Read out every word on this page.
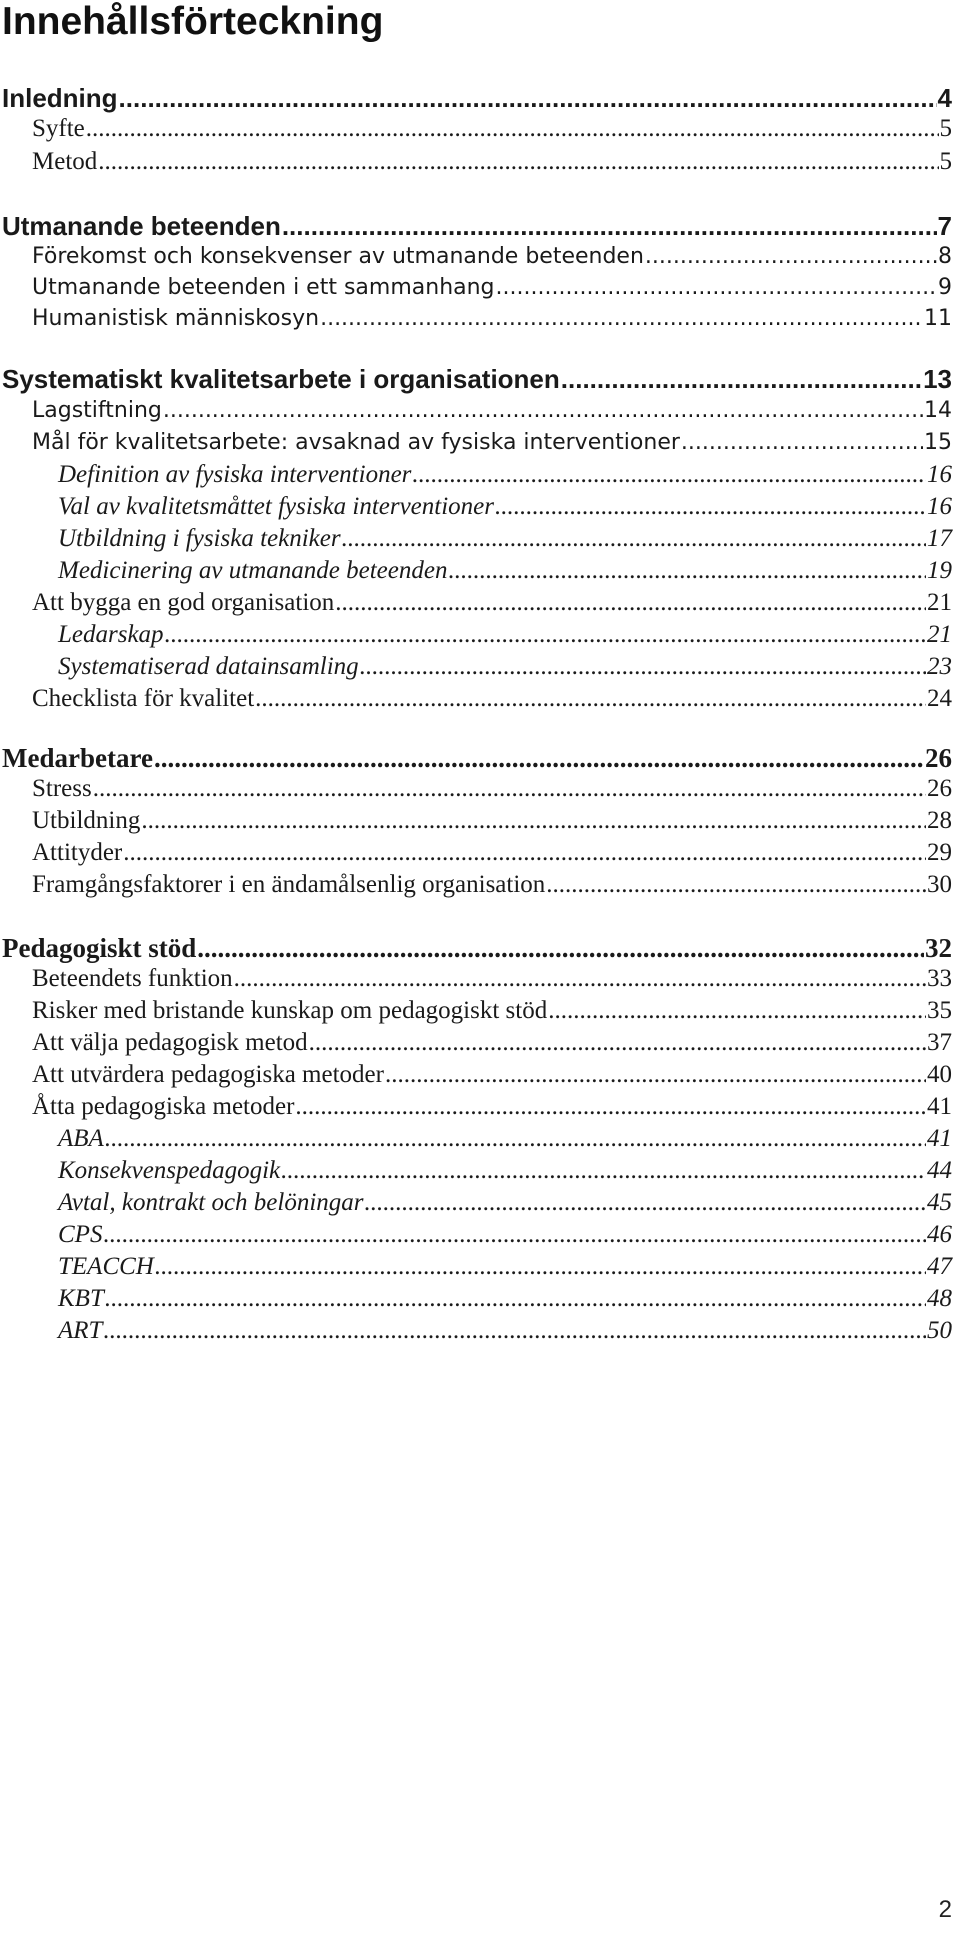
Innehållsförteckning
Inledning .....	4
Syfte .....	5
Metod .....	5
Utmanande beteenden .....	7
Förekomst och konsekvenser av utmanande beteenden .....	8
Utmanande beteenden i ett sammanhang .....	9
Humanistisk människosyn .....	11
Systematiskt kvalitetsarbete i organisationen .....	13
Lagstiftning .....	14
Mål för kvalitetsarbete: avsaknad av fysiska interventioner .....	15
Definition av fysiska interventioner .....	16
Val av kvalitetsmåttet fysiska interventioner .....	16
Utbildning i fysiska tekniker .....	17
Medicinering av utmanande beteenden .....	19
Att bygga en god organisation .....	21
Ledarskap .....	21
Systematiserad datainsamling .....	23
Checklista för kvalitet .....	24
Medarbetare .....	26
Stress .....	26
Utbildning .....	28
Attityder .....	29
Framgångsfaktorer i en ändamålsenlig organisation .....	30
Pedagogiskt stöd .....	32
Beteendets funktion .....	33
Risker med bristande kunskap om pedagogiskt stöd .....	35
Att välja pedagogisk metod .....	37
Att utvärdera pedagogiska metoder .....	40
Åtta pedagogiska metoder .....	41
ABA .....	41
Konsekvenspedagogik .....	44
Avtal, kontrakt och belöningar .....	45
CPS .....	46
TEACCH .....	47
KBT .....	48
ART .....	50
2
